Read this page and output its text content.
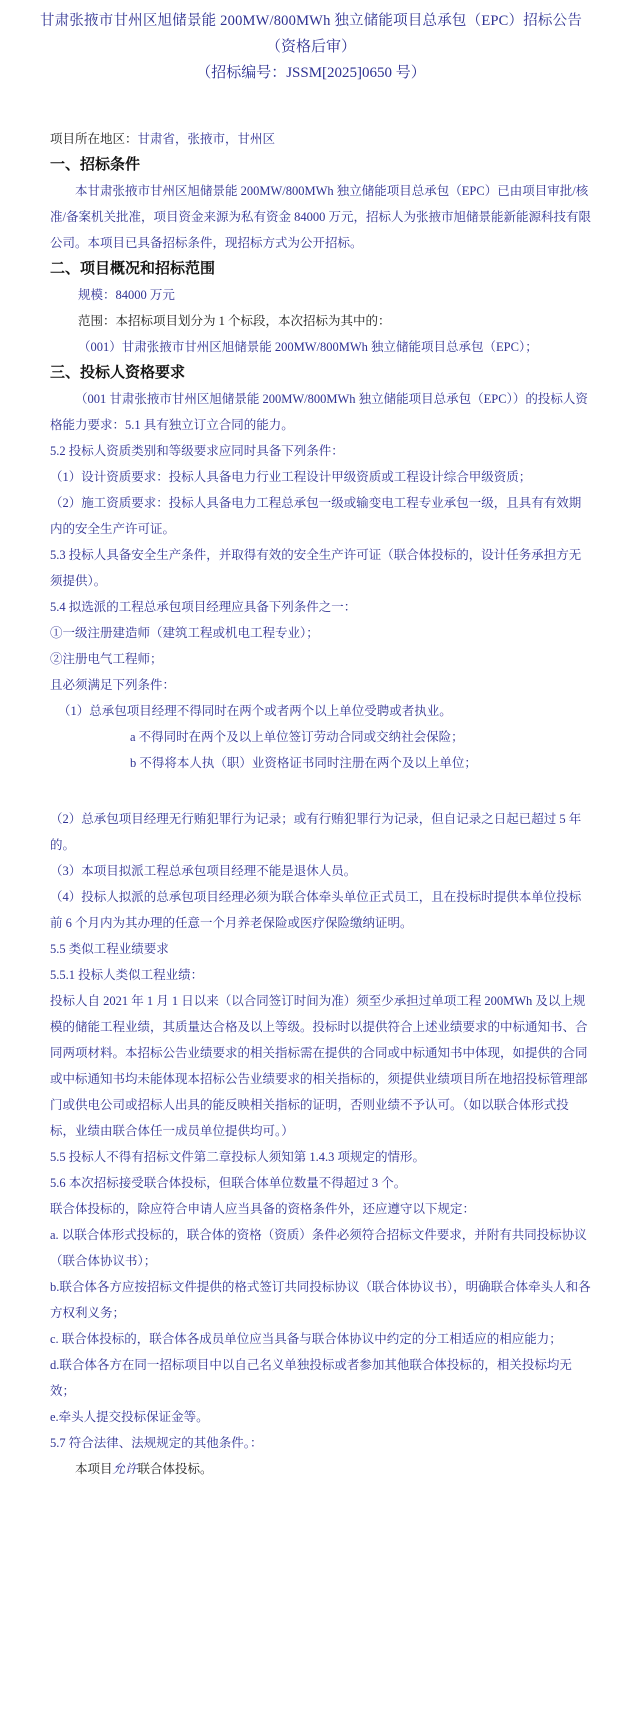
甘肃张掖市甘州区旭储景能 200MW/800MWh 独立储能项目总承包（EPC）招标公告
（资格后审）
（招标编号：JSSM[2025]0650 号）
项目所在地区：甘肃省，张掖市，甘州区
一、招标条件
本甘肃张掖市甘州区旭储景能 200MW/800MWh 独立储能项目总承包（EPC）已由项目审批/核准/备案机关批准，项目资金来源为私有资金 84000 万元，招标人为张掖市旭储景能新能源科技有限公司。本项目已具备招标条件，现招标方式为公开招标。
二、项目概况和招标范围
规模：84000 万元
范围：本招标项目划分为 1 个标段，本次招标为其中的：
（001）甘肃张掖市甘州区旭储景能 200MW/800MWh 独立储能项目总承包（EPC）；
三、投标人资格要求
（001 甘肃张掖市甘州区旭储景能 200MW/800MWh 独立储能项目总承包（EPC））的投标人资格能力要求：5.1 具有独立订立合同的能力。
5.2 投标人资质类别和等级要求应同时具备下列条件：
（1）设计资质要求：投标人具备电力行业工程设计甲级资质或工程设计综合甲级资质；
（2）施工资质要求：投标人具备电力工程总承包一级或输变电工程专业承包一级，且具有有效期内的安全生产许可证。
5.3 投标人具备安全生产条件，并取得有效的安全生产许可证（联合体投标的，设计任务承担方无须提供）。
5.4 拟选派的工程总承包项目经理应具备下列条件之一：
①一级注册建造师（建筑工程或机电工程专业）；
②注册电气工程师；
且必须满足下列条件：
（1）总承包项目经理不得同时在两个或者两个以上单位受聘或者执业。
a 不得同时在两个及以上单位签订劳动合同或交纳社会保险；
b 不得将本人执（职）业资格证书同时注册在两个及以上单位；
（2）总承包项目经理无行贿犯罪行为记录；或有行贿犯罪行为记录，但自记录之日起已超过 5 年的。
（3）本项目拟派工程总承包项目经理不能是退休人员。
（4）投标人拟派的总承包项目经理必须为联合体牵头单位正式员工，且在投标时提供本单位投标前 6 个月内为其办理的任意一个月养老保险或医疗保险缴纳证明。
5.5 类似工程业绩要求
5.5.1 投标人类似工程业绩：
投标人自 2021 年 1 月 1 日以来（以合同签订时间为准）须至少承担过单项工程 200MWh 及以上规模的储能工程业绩，其质量达合格及以上等级。投标时以提供符合上述业绩要求的中标通知书、合同两项材料。本招标公告业绩要求的相关指标需在提供的合同或中标通知书中体现，如提供的合同或中标通知书均未能体现本招标公告业绩要求的相关指标的，须提供业绩项目所在地招投标管理部门或供电公司或招标人出具的能反映相关指标的证明，否则业绩不予认可。（如以联合体形式投标，业绩由联合体任一成员单位提供均可。）
5.5 投标人不得有招标文件第二章投标人须知第 1.4.3 项规定的情形。
5.6 本次招标接受联合体投标，但联合体单位数量不得超过 3 个。
联合体投标的，除应符合申请人应当具备的资格条件外，还应遵守以下规定：
a. 以联合体形式投标的，联合体的资格（资质）条件必须符合招标文件要求，并附有共同投标协议（联合体协议书）；
b.联合体各方应按招标文件提供的格式签订共同投标协议（联合体协议书），明确联合体牵头人和各方权利义务；
c. 联合体投标的，联合体各成员单位应当具备与联合体协议中约定的分工相适应的相应能力；
d.联合体各方在同一招标项目中以自己名义单独投标或者参加其他联合体投标的，相关投标均无效；
e.牵头人提交投标保证金等。
5.7 符合法律、法规规定的其他条件。：
本项目允许联合体投标。
